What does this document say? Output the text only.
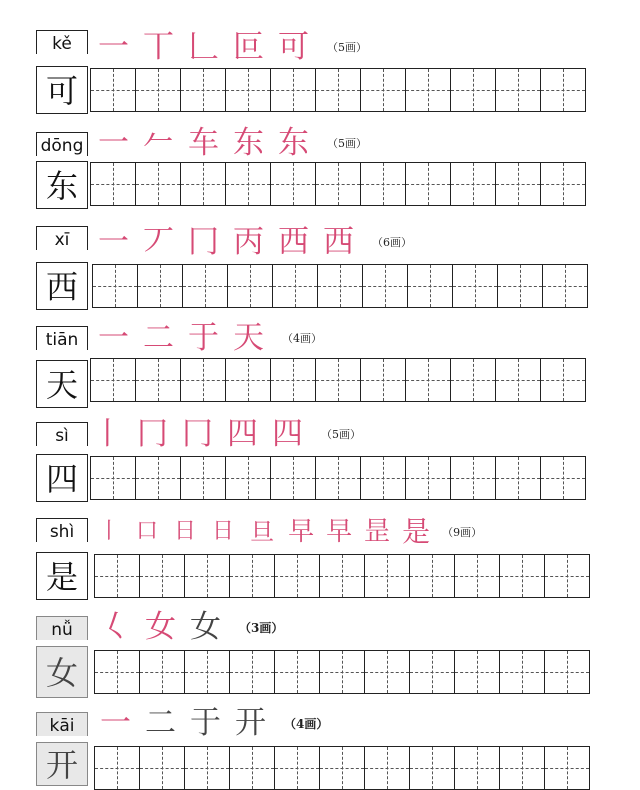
kě
可
一 丅 𠃊 叵 可 （5画）
dōng
东
一 𠂉 车 东 东 （5画）
xī
西
一 丆 冂 丙 西 西 （6画）
tiān
天
一 二 于 天 （4画）
sì
四
丨 冂 冂 四 四 （5画）
shì
是
丨 口 日 日 旦 早 早 昰 是 （9画）
nǚ
女
𡿨 女 女 （3画）
kāi
开
一 二 于 开 （4画）
